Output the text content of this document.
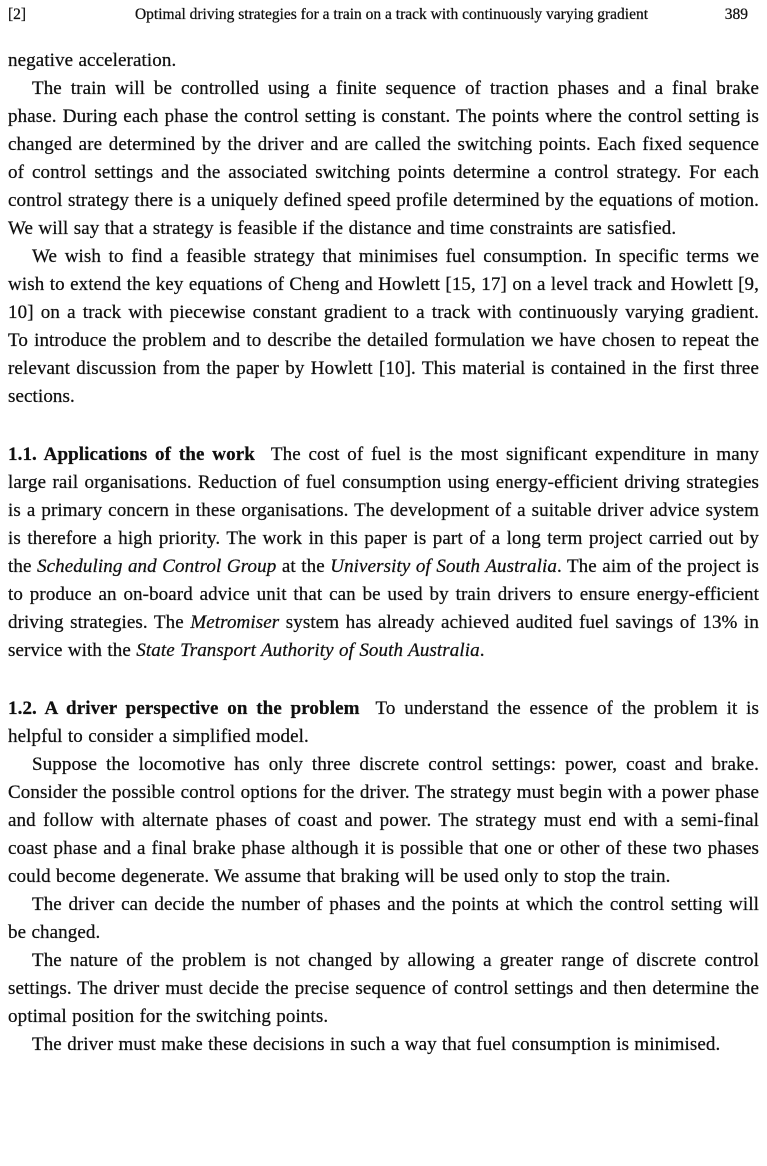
[2]	Optimal driving strategies for a train on a track with continuously varying gradient	389

negative acceleration.

The train will be controlled using a finite sequence of traction phases and a final brake phase. During each phase the control setting is constant. The points where the control setting is changed are determined by the driver and are called the switching points. Each fixed sequence of control settings and the associated switching points determine a control strategy. For each control strategy there is a uniquely defined speed profile determined by the equations of motion. We will say that a strategy is feasible if the distance and time constraints are satisfied.

We wish to find a feasible strategy that minimises fuel consumption. In specific terms we wish to extend the key equations of Cheng and Howlett [15, 17] on a level track and Howlett [9, 10] on a track with piecewise constant gradient to a track with continuously varying gradient. To introduce the problem and to describe the detailed formulation we have chosen to repeat the relevant discussion from the paper by Howlett [10]. This material is contained in the first three sections.

1.1. Applications of the work The cost of fuel is the most significant expenditure in many large rail organisations. Reduction of fuel consumption using energy-efficient driving strategies is a primary concern in these organisations. The development of a suitable driver advice system is therefore a high priority. The work in this paper is part of a long term project carried out by the Scheduling and Control Group at the University of South Australia. The aim of the project is to produce an on-board advice unit that can be used by train drivers to ensure energy-efficient driving strategies. The Metromiser system has already achieved audited fuel savings of 13% in service with the State Transport Authority of South Australia.

1.2. A driver perspective on the problem To understand the essence of the problem it is helpful to consider a simplified model.

Suppose the locomotive has only three discrete control settings: power, coast and brake. Consider the possible control options for the driver. The strategy must begin with a power phase and follow with alternate phases of coast and power. The strategy must end with a semi-final coast phase and a final brake phase although it is possible that one or other of these two phases could become degenerate. We assume that braking will be used only to stop the train.

The driver can decide the number of phases and the points at which the control setting will be changed.

The nature of the problem is not changed by allowing a greater range of discrete control settings. The driver must decide the precise sequence of control settings and then determine the optimal position for the switching points.

The driver must make these decisions in such a way that fuel consumption is minimised.
